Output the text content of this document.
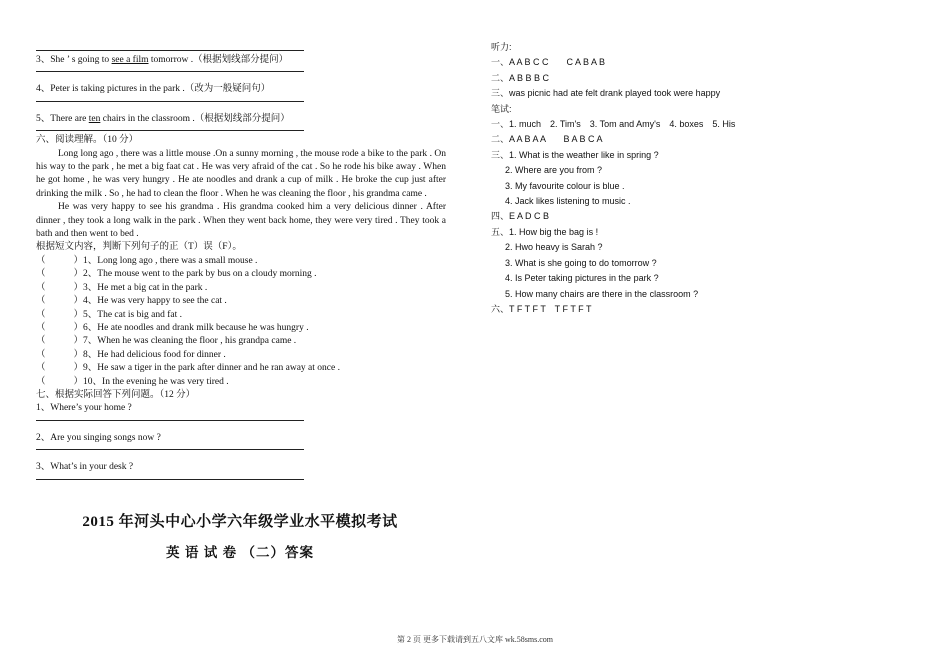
3、She ’ s going to see a film tomorrow .（根据划线部分提问）
4、Peter is taking pictures in the park .（改为一般疑问句）
5、There are ten chairs in the classroom .（根据划线部分提问）
六、阅读理解。（10 分）
Long long ago , there was a little mouse .On a sunny morning , the mouse rode a bike to the park . On his way to the park , he met a big faat cat . He was very afraid of the cat . So he rode his bike away . When he got home , he was very hungry . He ate noodles and drank a cup of milk . He broke the cup just after drinking the milk . So , he had to clean the floor . When he was cleaning the floor , his grandma came .
He was very happy to see his grandma . His grandma cooked him a very delicious dinner . After dinner , they took a long walk in the park . When they went back home, they were very tired . They took a bath and then went to bed .
根据短文内容，判断下列句子的正（T）误（F）。
（	）1、Long long ago , there was a small mouse .
（	）2、The mouse went to the park by bus on a cloudy morning .
（	）3、He met a big cat in the park .
（	）4、He was very happy to see the cat .
（	）5、The cat is big and fat .
（	）6、He ate noodles and drank milk because he was hungry .
（	）7、When he was cleaning the floor , his grandpa came .
（	）8、He had delicious food for dinner .
（	）9、He saw a tiger in the park after dinner and he ran away at once .
（	）10、In the evening he was very tired .
七、根据实际回答下列问题。（12 分）
1、Where’s your home ?
2、Are you singing songs now ?
3、What’s in your desk ?
2015 年河头中心小学六年级学业水平模拟考试
英 语 试 卷 （二）答案
听力:
一、A A B C C　　C A B A B
二、A B B B C
三、was picnic had ate felt drank played took were happy
笔试:
一、1. much　2. Tim's　3. Tom and Amy's　4. boxes　5. His
二、A A B A A　　B A B C A
三、1. What is the weather like in spring ?
2. Where are you from ?
3. My favourite colour is blue .
4. Jack likes listening to music .
四、E A D C B
五、1. How big the bag is !
2. Hwo heavy is Sarah ?
3. What is she going to do tomorrow ?
4. Is Peter taking pictures in the park ?
5. How many chairs are there in the classroom ?
六、T F T F T　T F T F T
第 2 页 更多下载请到五八文库 wk.58sms.com
